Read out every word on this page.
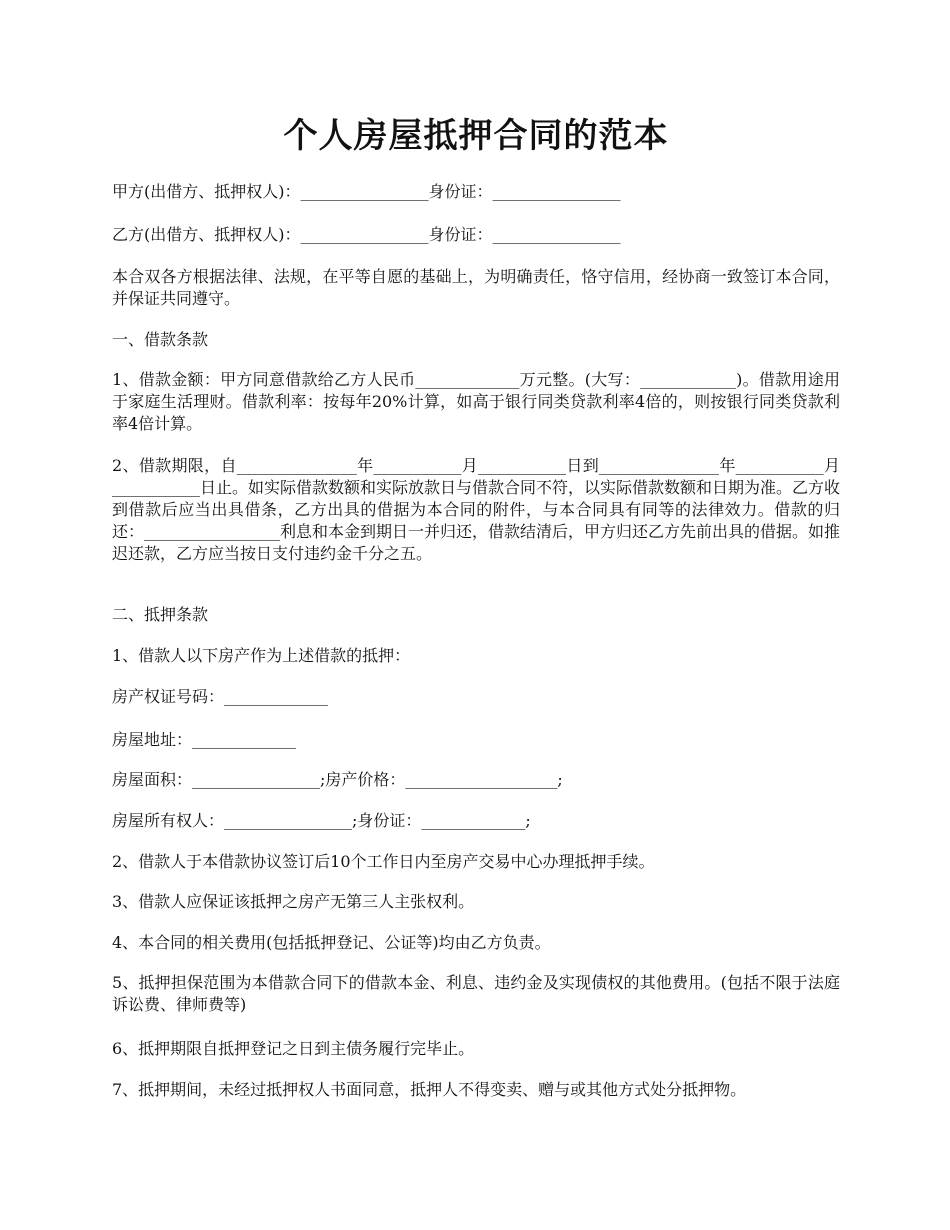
个人房屋抵押合同的范本

甲方(出借方、抵押权人)：________________身份证：________________

乙方(出借方、抵押权人)：________________身份证：________________

本合双各方根据法律、法规，在平等自愿的基础上，为明确责任，恪守信用，经协商一致签订本合同，并保证共同遵守。

一、借款条款

1、借款金额：甲方同意借款给乙方人民币_____________万元整。(大写：____________)。借款用途用于家庭生活理财。借款利率：按每年20%计算，如高于银行同类贷款利率4倍的，则按银行同类贷款利率4倍计算。

2、借款期限，自_______________年___________月___________日到_______________年___________月___________日止。如实际借款数额和实际放款日与借款合同不符，以实际借款数额和日期为准。乙方收到借款后应当出具借条，乙方出具的借据为本合同的附件，与本合同具有同等的法律效力。借款的归还：_________________利息和本金到期日一并归还，借款结清后，甲方归还乙方先前出具的借据。如推迟还款，乙方应当按日支付违约金千分之五。

二、抵押条款

1、借款人以下房产作为上述借款的抵押：

房产权证号码：_____________

房屋地址：_____________

房屋面积：________________;房产价格：___________________;

房屋所有权人：________________;身份证：_____________;

2、借款人于本借款协议签订后10个工作日内至房产交易中心办理抵押手续。

3、借款人应保证该抵押之房产无第三人主张权利。

4、本合同的相关费用(包括抵押登记、公证等)均由乙方负责。

5、抵押担保范围为本借款合同下的借款本金、利息、违约金及实现债权的其他费用。(包括不限于法庭诉讼费、律师费等)

6、抵押期限自抵押登记之日到主债务履行完毕止。

7、抵押期间，未经过抵押权人书面同意，抵押人不得变卖、赠与或其他方式处分抵押物。
